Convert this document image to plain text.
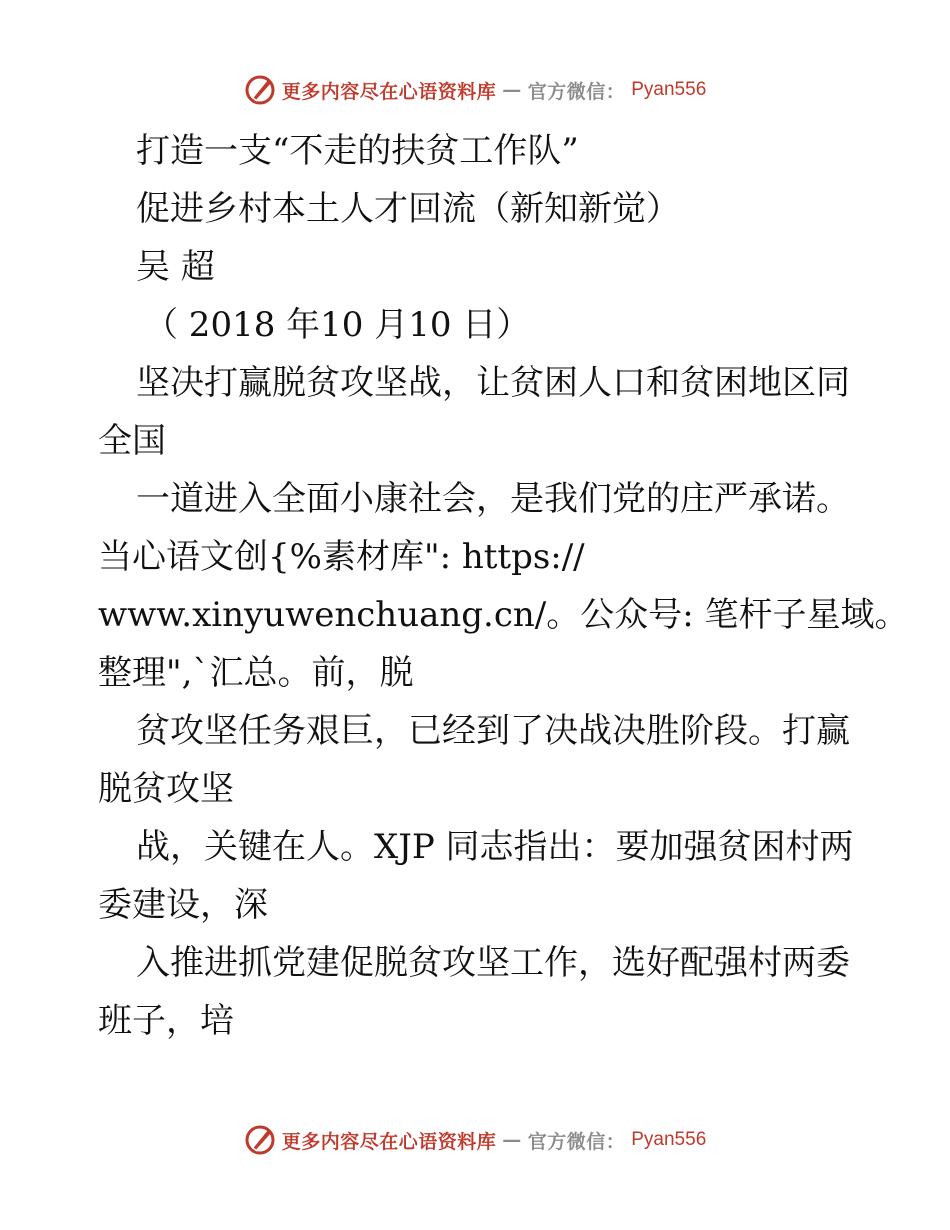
更多内容尽在心语资料库 — 官方微信： Pyan556
打造一支“不走的扶贫工作队”
促进乡村本土人才回流（新知新觉）
吴 超
（ 2018 年10 月10 日）
坚决打赢脱贫攻坚战，让贫困人口和贫困地区同
全国
一道进入全面小康社会，是我们党的庄严承诺。
当心语文创{%素材库": https://
www.xinyuwenchuang.cn/。公众号: 笔杆子星域。
整理",`汇总。前，脱
贫攻坚任务艰巨，已经到了决战决胜阶段。打赢
脱贫攻坚
战，关键在人。XJP 同志指出：要加强贫困村两
委建设，深
入推进抓党建促脱贫攻坚工作，选好配强村两委
班子，培
更多内容尽在心语资料库 — 官方微信： Pyan556
